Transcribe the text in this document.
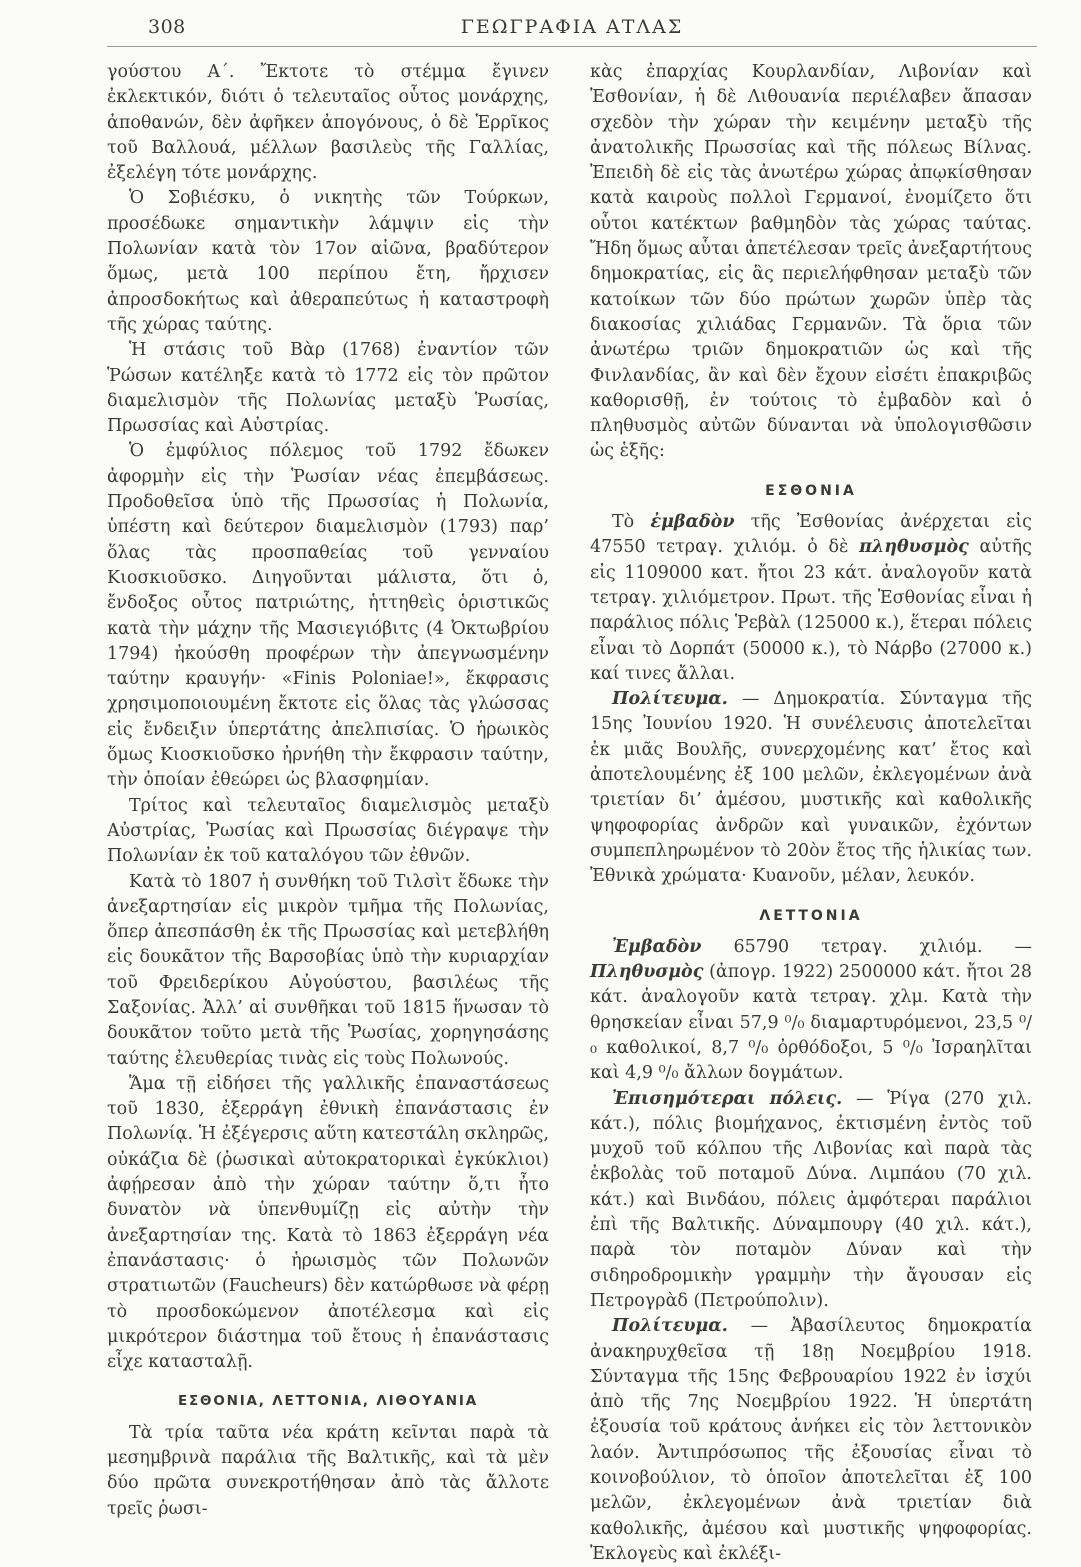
308	ΓΕΩΓΡΑΦΙΑ ΑΤΛΑΣ

γούστου Α΄. Ἔκτοτε τὸ στέμμα ἔγινεν ἐκλεκτικόν, διότι ὁ τελευταῖος οὗτος μονάρχης, ἀποθανών, δὲν ἀφῆκεν ἀπογόνους, ὁ δὲ Ἑρρῖκος τοῦ Βαλλουά, μέλλων βασιλεὺς τῆς Γαλλίας, ἐξελέγη τότε μονάρχης.

Ὁ Σοβιέσκυ, ὁ νικητὴς τῶν Τούρκων, προσέδωκε σημαντικὴν λάμψιν εἰς τὴν Πολωνίαν κατὰ τὸν 17ον αἰῶνα, βραδύτερον ὅμως, μετὰ 100 περίπου ἔτη, ἤρχισεν ἀπροσδοκήτως καὶ ἀθεραπεύτως ἡ καταστροφὴ τῆς χώρας ταύτης.

Ἡ στάσις τοῦ Βὰρ (1768) ἐναντίον τῶν Ῥώσων κατέληξε κατὰ τὸ 1772 εἰς τὸν πρῶτον διαμελισμὸν τῆς Πολωνίας μεταξὺ Ῥωσίας, Πρωσσίας καὶ Αὐστρίας.

Ὁ ἐμφύλιος πόλεμος τοῦ 1792 ἔδωκεν ἀφορμὴν εἰς τὴν Ῥωσίαν νέας ἐπεμβάσεως. Προδοθεῖσα ὑπὸ τῆς Πρωσσίας ἡ Πολωνία, ὑπέστη καὶ δεύτερον διαμελισμὸν (1793) παρ’ ὅλας τὰς προσπαθείας τοῦ γενναίου Κιοσκιοῦσκο. Διηγοῦνται μάλιστα, ὅτι ὁ, ἔνδοξος οὗτος πατριώτης, ἡττηθεὶς ὁριστικῶς κατὰ τὴν μάχην τῆς Μασιεγιόβιτς (4 Ὀκτωβρίου 1794) ἠκούσθη προφέρων τὴν ἀπεγνωσμένην ταύτην κραυγήν· «Finis Poloniae!», ἔκφρασις χρησιμοποιουμένη ἔκτοτε εἰς ὅλας τὰς γλώσσας εἰς ἔνδειξιν ὑπερτάτης ἀπελπισίας. Ὁ ἡρωικὸς ὅμως Κιοσκιοῦσκο ἠρνήθη τὴν ἔκφρασιν ταύτην, τὴν ὁποίαν ἐθεώρει ὡς βλασφημίαν.

Τρίτος καὶ τελευταῖος διαμελισμὸς μεταξὺ Αὐστρίας, Ῥωσίας καὶ Πρωσσίας διέγραψε τὴν Πολωνίαν ἐκ τοῦ καταλόγου τῶν ἐθνῶν.

Κατὰ τὸ 1807 ἡ συνθήκη τοῦ Τιλσὶτ ἔδωκε τὴν ἀνεξαρτησίαν εἰς μικρὸν τμῆμα τῆς Πολωνίας, ὅπερ ἀπεσπάσθη ἐκ τῆς Πρωσσίας καὶ μετεβλήθη εἰς δουκᾶτον τῆς Βαρσοβίας ὑπὸ τὴν κυριαρχίαν τοῦ Φρειδερίκου Αὐγούστου, βασιλέως τῆς Σαξονίας. Ἀλλ’ αἱ συνθῆκαι τοῦ 1815 ἥνωσαν τὸ δουκᾶτον τοῦτο μετὰ τῆς Ῥωσίας, χορηγησάσης ταύτης ἐλευθερίας τινὰς εἰς τοὺς Πολωνούς.

Ἅμα τῇ εἰδήσει τῆς γαλλικῆς ἐπαναστάσεως τοῦ 1830, ἐξερράγη ἐθνικὴ ἐπανάστασις ἐν Πολωνίᾳ. Ἡ ἐξέγερσις αὕτη κατεστάλη σκληρῶς, οὐκάζια δὲ (ῥωσικαὶ αὐτοκρατορικαὶ ἐγκύκλιοι) ἀφῄρεσαν ἀπὸ τὴν χώραν ταύτην ὅ,τι ἦτο δυνατὸν νὰ ὑπενθυμίζῃ εἰς αὐτὴν τὴν ἀνεξαρτησίαν της. Κατὰ τὸ 1863 ἐξερράγη νέα ἐπανάστασις· ὁ ἡρωισμὸς τῶν Πολωνῶν στρατιωτῶν (Faucheurs) δὲν κατώρθωσε νὰ φέρῃ τὸ προσδοκώμενον ἀποτέλεσμα καὶ εἰς μικρότερον διάστημα τοῦ ἔτους ἡ ἐπανάστασις εἶχε κατασταλῇ.

ΕΣΘΟΝΙΑ, ΛΕΤΤΟΝΙΑ, ΛΙΘΟΥΑΝΙΑ

Τὰ τρία ταῦτα νέα κράτη κεῖνται παρὰ τὰ μεσημβρινὰ παράλια τῆς Βαλτικῆς, καὶ τὰ μὲν δύο πρῶτα συνεκροτήθησαν ἀπὸ τὰς ἄλλοτε τρεῖς ῥωσι-

κὰς ἐπαρχίας Κουρλανδίαν, Λιβονίαν καὶ Ἐσθονίαν, ἡ δὲ Λιθουανία περιέλαβεν ἅπασαν σχεδὸν τὴν χώραν τὴν κειμένην μεταξὺ τῆς ἀνατολικῆς Πρωσσίας καὶ τῆς πόλεως Βίλνας. Ἐπειδὴ δὲ εἰς τὰς ἀνωτέρω χώρας ἀπῳκίσθησαν κατὰ καιροὺς πολλοὶ Γερμανοί, ἐνομίζετο ὅτι οὗτοι κατέκτων βαθμηδὸν τὰς χώρας ταύτας. Ἤδη ὅμως αὗται ἀπετέλεσαν τρεῖς ἀνεξαρτήτους δημοκρατίας, εἰς ἃς περιελήφθησαν μεταξὺ τῶν κατοίκων τῶν δύο πρώτων χωρῶν ὑπὲρ τὰς διακοσίας χιλιάδας Γερμανῶν. Τὰ ὅρια τῶν ἀνωτέρω τριῶν δημοκρατιῶν ὡς καὶ τῆς Φινλανδίας, ἂν καὶ δὲν ἔχουν εἰσέτι ἐπακριβῶς καθορισθῇ, ἐν τούτοις τὸ ἐμβαδὸν καὶ ὁ πληθυσμὸς αὐτῶν δύνανται νὰ ὑπολογισθῶσιν ὡς ἑξῆς:

ΕΣΘΟΝΙΑ

Τὸ ἐμβαδὸν τῆς Ἐσθονίας ἀνέρχεται εἰς 47550 τετραγ. χιλιόμ. ὁ δὲ πληθυσμὸς αὐτῆς εἰς 1109000 κατ. ἤτοι 23 κάτ. ἀναλογοῦν κατὰ τετραγ. χιλιόμετρον. Πρωτ. τῆς Ἐσθονίας εἶναι ἡ παράλιος πόλις Ῥεβὰλ (125000 κ.), ἕτεραι πόλεις εἶναι τὸ Δορπάτ (50000 κ.), τὸ Νάρβο (27000 κ.) καί τινες ἄλλαι.

Πολίτευμα. — Δημοκρατία. Σύνταγμα τῆς 15ης Ἰουνίου 1920. Ἡ συνέλευσις ἀποτελεῖται ἐκ μιᾶς Βουλῆς, συνερχομένης κατ’ ἔτος καὶ ἀποτελουμένης ἐξ 100 μελῶν, ἐκλεγομένων ἀνὰ τριετίαν δι’ ἀμέσου, μυστικῆς καὶ καθολικῆς ψηφοφορίας ἀνδρῶν καὶ γυναικῶν, ἐχόντων συμπεπληρωμένον τὸ 20ὸν ἔτος τῆς ἡλικίας των. Ἐθνικὰ χρώματα· Κυανοῦν, μέλαν, λευκόν.

ΛΕΤΤΟΝΙΑ

Ἐμβαδὸν 65790 τετραγ. χιλιόμ. — Πληθυσμὸς (ἀπογρ. 1922) 2500000 κάτ. ἤτοι 28 κάτ. ἀναλογοῦν κατὰ τετραγ. χλμ. Κατὰ τὴν θρησκείαν εἶναι 57,9 ⁰/₀ διαμαρτυρόμενοι, 23,5 ⁰/₀ καθολικοί, 8,7 ⁰/₀ ὀρθόδοξοι, 5 ⁰/₀ Ἰσραηλῖται καὶ 4,9 ⁰/₀ ἄλλων δογμάτων.

Ἐπισημότεραι πόλεις. — Ῥίγα (270 χιλ. κάτ.), πόλις βιομήχανος, ἐκτισμένη ἐντὸς τοῦ μυχοῦ τοῦ κόλπου τῆς Λιβονίας καὶ παρὰ τὰς ἐκβολὰς τοῦ ποταμοῦ Δύνα. Λιμπάου (70 χιλ. κάτ.) καὶ Βινδάου, πόλεις ἀμφότεραι παράλιοι ἐπὶ τῆς Βαλτικῆς. Δύναμπουργ (40 χιλ. κάτ.), παρὰ τὸν ποταμὸν Δύναν καὶ τὴν σιδηροδρομικὴν γραμμὴν τὴν ἄγουσαν εἰς Πετρογρὰδ (Πετρούπολιν).

Πολίτευμα. — Ἀβασίλευτος δημοκρατία ἀνακηρυχθεῖσα τῇ 18ῃ Νοεμβρίου 1918. Σύνταγμα τῆς 15ης Φεβρουαρίου 1922 ἐν ἰσχύι ἀπὸ τῆς 7ης Νοεμβρίου 1922. Ἡ ὑπερτάτη ἐξουσία τοῦ κράτους ἀνήκει εἰς τὸν λεττονικὸν λαόν. Ἀντιπρόσωπος τῆς ἐξουσίας εἶναι τὸ κοινοβούλιον, τὸ ὁποῖον ἀποτελεῖται ἐξ 100 μελῶν, ἐκλεγομένων ἀνὰ τριετίαν διὰ καθολικῆς, ἀμέσου καὶ μυστικῆς ψηφοφορίας. Ἐκλογεὺς καὶ ἐκλέξι-
